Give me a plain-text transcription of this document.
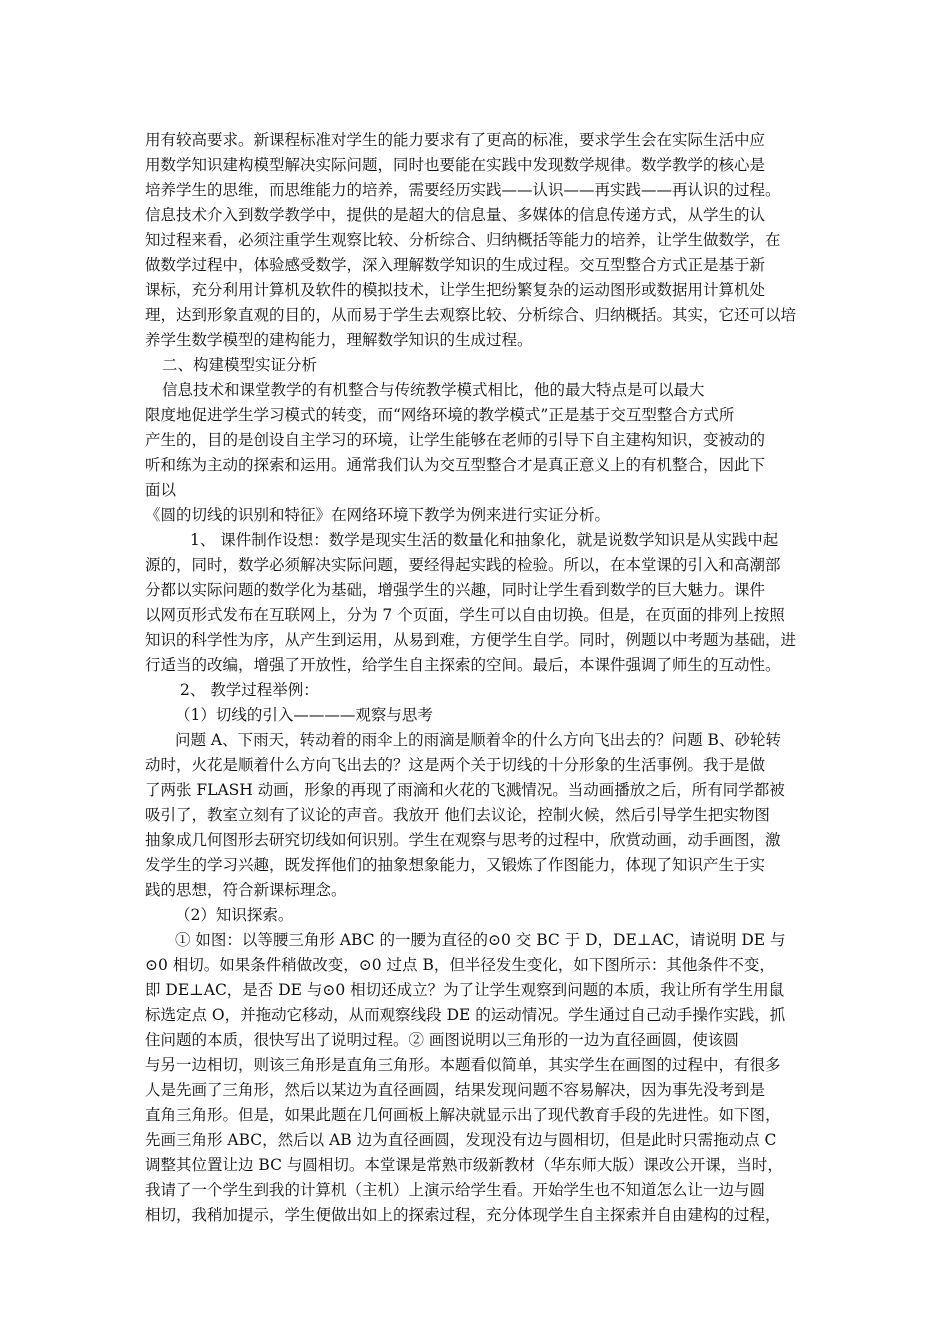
用有较高要求。新课程标准对学生的能力要求有了更高的标准，要求学生会在实际生活中应
用数学知识建构模型解决实际问题，同时也要能在实践中发现数学规律。数学教学的核心是
培养学生的思维，而思维能力的培养，需要经历实践——认识——再实践——再认识的过程。
信息技术介入到数学教学中，提供的是超大的信息量、多媒体的信息传递方式，从学生的认
知过程来看，必须注重学生观察比较、分析综合、归纳概括等能力的培养，让学生做数学，在
做数学过程中，体验感受数学，深入理解数学知识的生成过程。交互型整合方式正是基于新
课标，充分利用计算机及软件的模拟技术，让学生把纷繁复杂的运动图形或数据用计算机处
理，达到形象直观的目的，从而易于学生去观察比较、分析综合、归纳概括。其实，它还可以培
养学生数学模型的建构能力，理解数学知识的生成过程。
二、构建模型实证分析
信息技术和课堂教学的有机整合与传统教学模式相比，他的最大特点是可以最大
限度地促进学生学习模式的转变，而“网络环境的教学模式”正是基于交互型整合方式所
产生的，目的是创设自主学习的环境，让学生能够在老师的引导下自主建构知识，变被动的
听和练为主动的探索和运用。通常我们认为交互型整合才是真正意义上的有机整合，因此下
面以
《圆的切线的识别和特征》在网络环境下教学为例来进行实证分析。
1、 课件制作设想：数学是现实生活的数量化和抽象化，就是说数学知识是从实践中起
源的，同时，数学必须解决实际问题，要经得起实践的检验。所以，在本堂课的引入和高潮部
分都以实际问题的数学化为基础，增强学生的兴趣，同时让学生看到数学的巨大魅力。课件
以网页形式发布在互联网上，分为 7 个页面，学生可以自由切换。但是，在页面的排列上按照
知识的科学性为序，从产生到运用，从易到难，方便学生自学。同时，例题以中考题为基础，进
行适当的改编，增强了开放性，给学生自主探索的空间。最后，本课件强调了师生的互动性。
2、 教学过程举例：
（1）切线的引入————观察与思考
问题 A、下雨天，转动着的雨伞上的雨滴是顺着伞的什么方向飞出去的？问题 B、砂轮转
动时，火花是顺着什么方向飞出去的？这是两个关于切线的十分形象的生活事例。我于是做
了两张 FLASH 动画，形象的再现了雨滴和火花的飞溅情况。当动画播放之后，所有同学都被
吸引了，教室立刻有了议论的声音。我放开 他们去议论，控制火候，然后引导学生把实物图
抽象成几何图形去研究切线如何识别。学生在观察与思考的过程中，欣赏动画，动手画图，激
发学生的学习兴趣，既发挥他们的抽象想象能力，又锻炼了作图能力，体现了知识产生于实
践的思想，符合新课标理念。
（2）知识探索。
① 如图：以等腰三角形 ABC 的一腰为直径的⊙0 交 BC 于 D，DE⊥AC，请说明 DE 与
⊙0 相切。如果条件稍做改变，⊙0 过点 B，但半径发生变化，如下图所示：其他条件不变，
即 DE⊥AC，是否 DE 与⊙0 相切还成立？为了让学生观察到问题的本质，我让所有学生用鼠
标选定点 O，并拖动它移动，从而观察线段 DE 的运动情况。学生通过自己动手操作实践，抓
住问题的本质，很快写出了说明过程。② 画图说明以三角形的一边为直径画圆，使该圆
与另一边相切，则该三角形是直角三角形。本题看似简单，其实学生在画图的过程中，有很多
人是先画了三角形，然后以某边为直径画圆，结果发现问题不容易解决，因为事先没考到是
直角三角形。但是，如果此题在几何画板上解决就显示出了现代教育手段的先进性。如下图，
先画三角形 ABC，然后以 AB 边为直径画圆，发现没有边与圆相切，但是此时只需拖动点 C
调整其位置让边 BC 与圆相切。本堂课是常熟市级新教材（华东师大版）课改公开课，当时，
我请了一个学生到我的计算机（主机）上演示给学生看。开始学生也不知道怎么让一边与圆
相切，我稍加提示，学生便做出如上的探索过程，充分体现学生自主探索并自由建构的过程，
